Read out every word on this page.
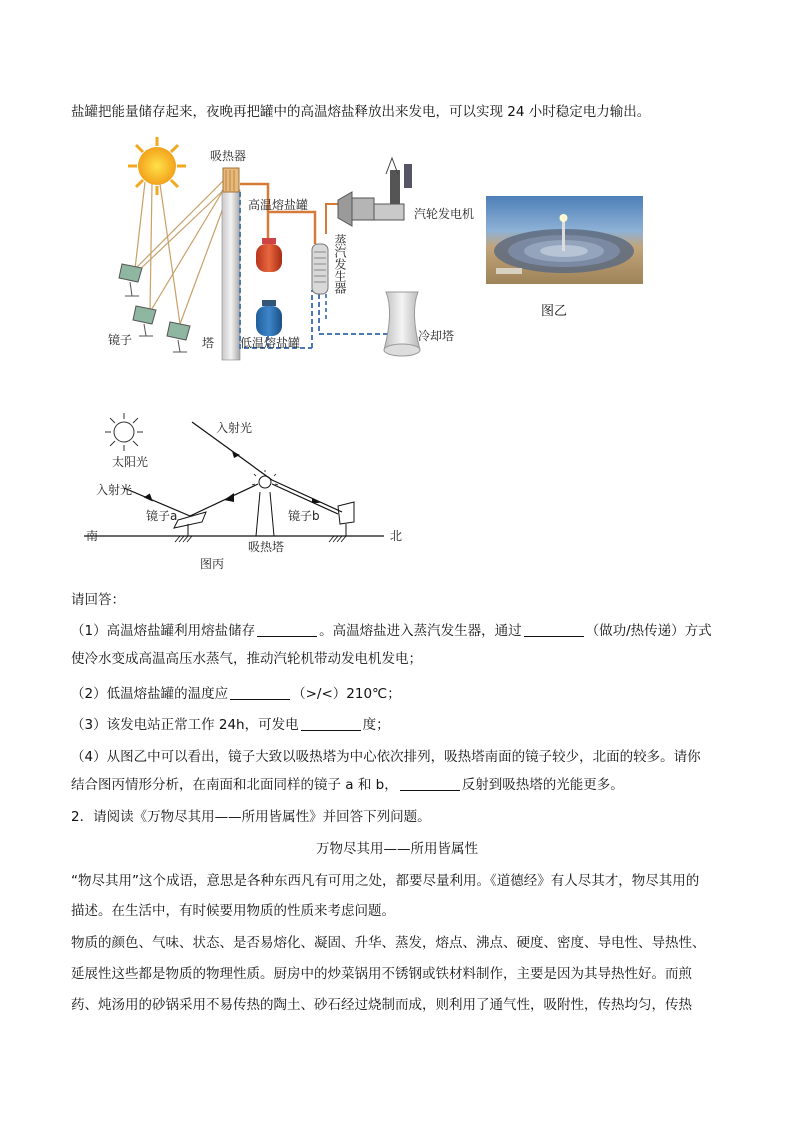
盐罐把能量储存起来，夜晚再把罐中的高温熔盐释放出来发电，可以实现 24 小时稳定电力输出。
吸热器
高温熔盐罐
低温熔盐罐
塔
镜子
汽轮发电机
冷却塔
蒸汽发生器
图乙
太阳光
入射光
入射光
镜子a	镜子b
南	北
吸热塔
图丙
请回答：
（1）高温熔盐罐利用熔盐储存	。高温熔盐进入蒸汽发生器，通过	（做功/热传递）方式
使冷水变成高温高压水蒸气，推动汽轮机带动发电机发电；
（2）低温熔盐罐的温度应	（>/<）210℃；
（3）该发电站正常工作 24h，可发电	度；
（4）从图乙中可以看出，镜子大致以吸热塔为中心依次排列，吸热塔南面的镜子较少，北面的较多。请你
结合图丙情形分析，在南面和北面同样的镜子 a 和 b，	反射到吸热塔的光能更多。
2．请阅读《万物尽其用——所用皆属性》并回答下列问题。
万物尽其用——所用皆属性
“物尽其用”这个成语，意思是各种东西凡有可用之处，都要尽量利用。《道德经》有人尽其才，物尽其用的
描述。在生活中，有时候要用物质的性质来考虑问题。
物质的颜色、气味、状态、是否易熔化、凝固、升华、蒸发，熔点、沸点、硬度、密度、导电性、导热性、
延展性这些都是物质的物理性质。厨房中的炒菜锅用不锈钢或铁材料制作，主要是因为其导热性好。而煎
药、炖汤用的砂锅采用不易传热的陶土、砂石经过烧制而成，则利用了通气性，吸附性，传热均匀，传热
